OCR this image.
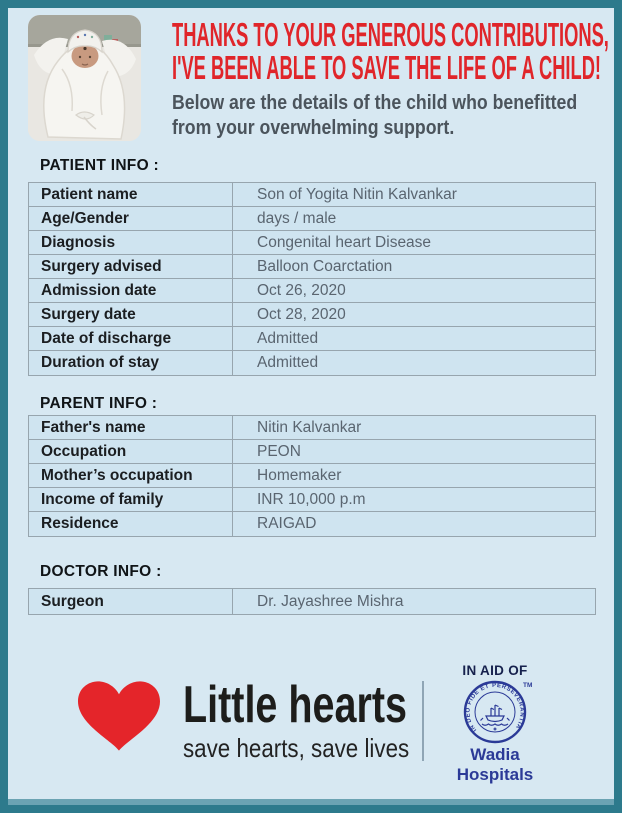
THANKS TO YOUR GENEROUS CONTRIBUTIONS,
I'VE BEEN ABLE TO SAVE THE LIFE OF A CHILD!

Below are the details of the child who benefitted from your overwhelming support.

PATIENT INFO :
Patient name	Son of Yogita Nitin Kalvankar
Age/Gender	days / male
Diagnosis	Congenital heart Disease
Surgery advised	Balloon Coarctation
Admission date	Oct 26, 2020
Surgery date	Oct 28, 2020
Date of discharge	Admitted
Duration of stay	Admitted
PARENT INFO :
Father's name	Nitin Kalvankar
Occupation	PEON
Mother’s occupation	Homemaker
Income of family	INR 10,000 p.m
Residence	RAIGAD
DOCTOR INFO :
Surgeon	Dr. Jayashree Mishra
Little hearts
save hearts, save lives
IN AID OF
IN DEO FIDE ET PERSEVERANTIA
TM
Wadia Hospitals
